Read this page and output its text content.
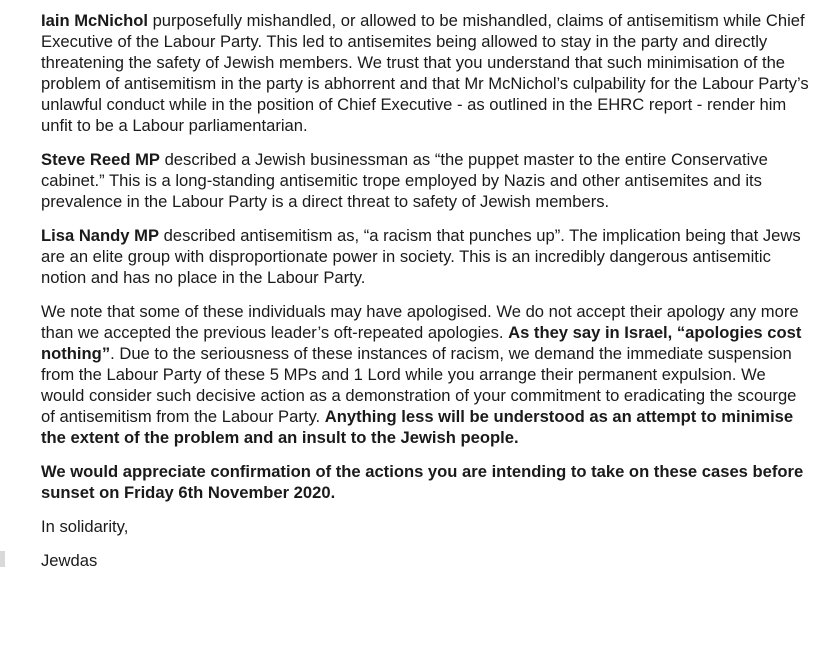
Iain McNichol purposefully mishandled, or allowed to be mishandled, claims of antisemitism while Chief Executive of the Labour Party. This led to antisemites being allowed to stay in the party and directly threatening the safety of Jewish members. We trust that you understand that such minimisation of the problem of antisemitism in the party is abhorrent and that Mr McNichol’s culpability for the Labour Party’s unlawful conduct while in the position of Chief Executive - as outlined in the EHRC report - render him unfit to be a Labour parliamentarian.

Steve Reed MP described a Jewish businessman as “the puppet master to the entire Conservative cabinet.” This is a long-standing antisemitic trope employed by Nazis and other antisemites and its prevalence in the Labour Party is a direct threat to safety of Jewish members.

Lisa Nandy MP described antisemitism as, “a racism that punches up”. The implication being that Jews are an elite group with disproportionate power in society. This is an incredibly dangerous antisemitic notion and has no place in the Labour Party.

We note that some of these individuals may have apologised. We do not accept their apology any more than we accepted the previous leader’s oft-repeated apologies. As they say in Israel, “apologies cost nothing”. Due to the seriousness of these instances of racism, we demand the immediate suspension from the Labour Party of these 5 MPs and 1 Lord while you arrange their permanent expulsion. We would consider such decisive action as a demonstration of your commitment to eradicating the scourge of antisemitism from the Labour Party. Anything less will be understood as an attempt to minimise the extent of the problem and an insult to the Jewish people.

We would appreciate confirmation of the actions you are intending to take on these cases before sunset on Friday 6th November 2020.

In solidarity,

Jewdas
